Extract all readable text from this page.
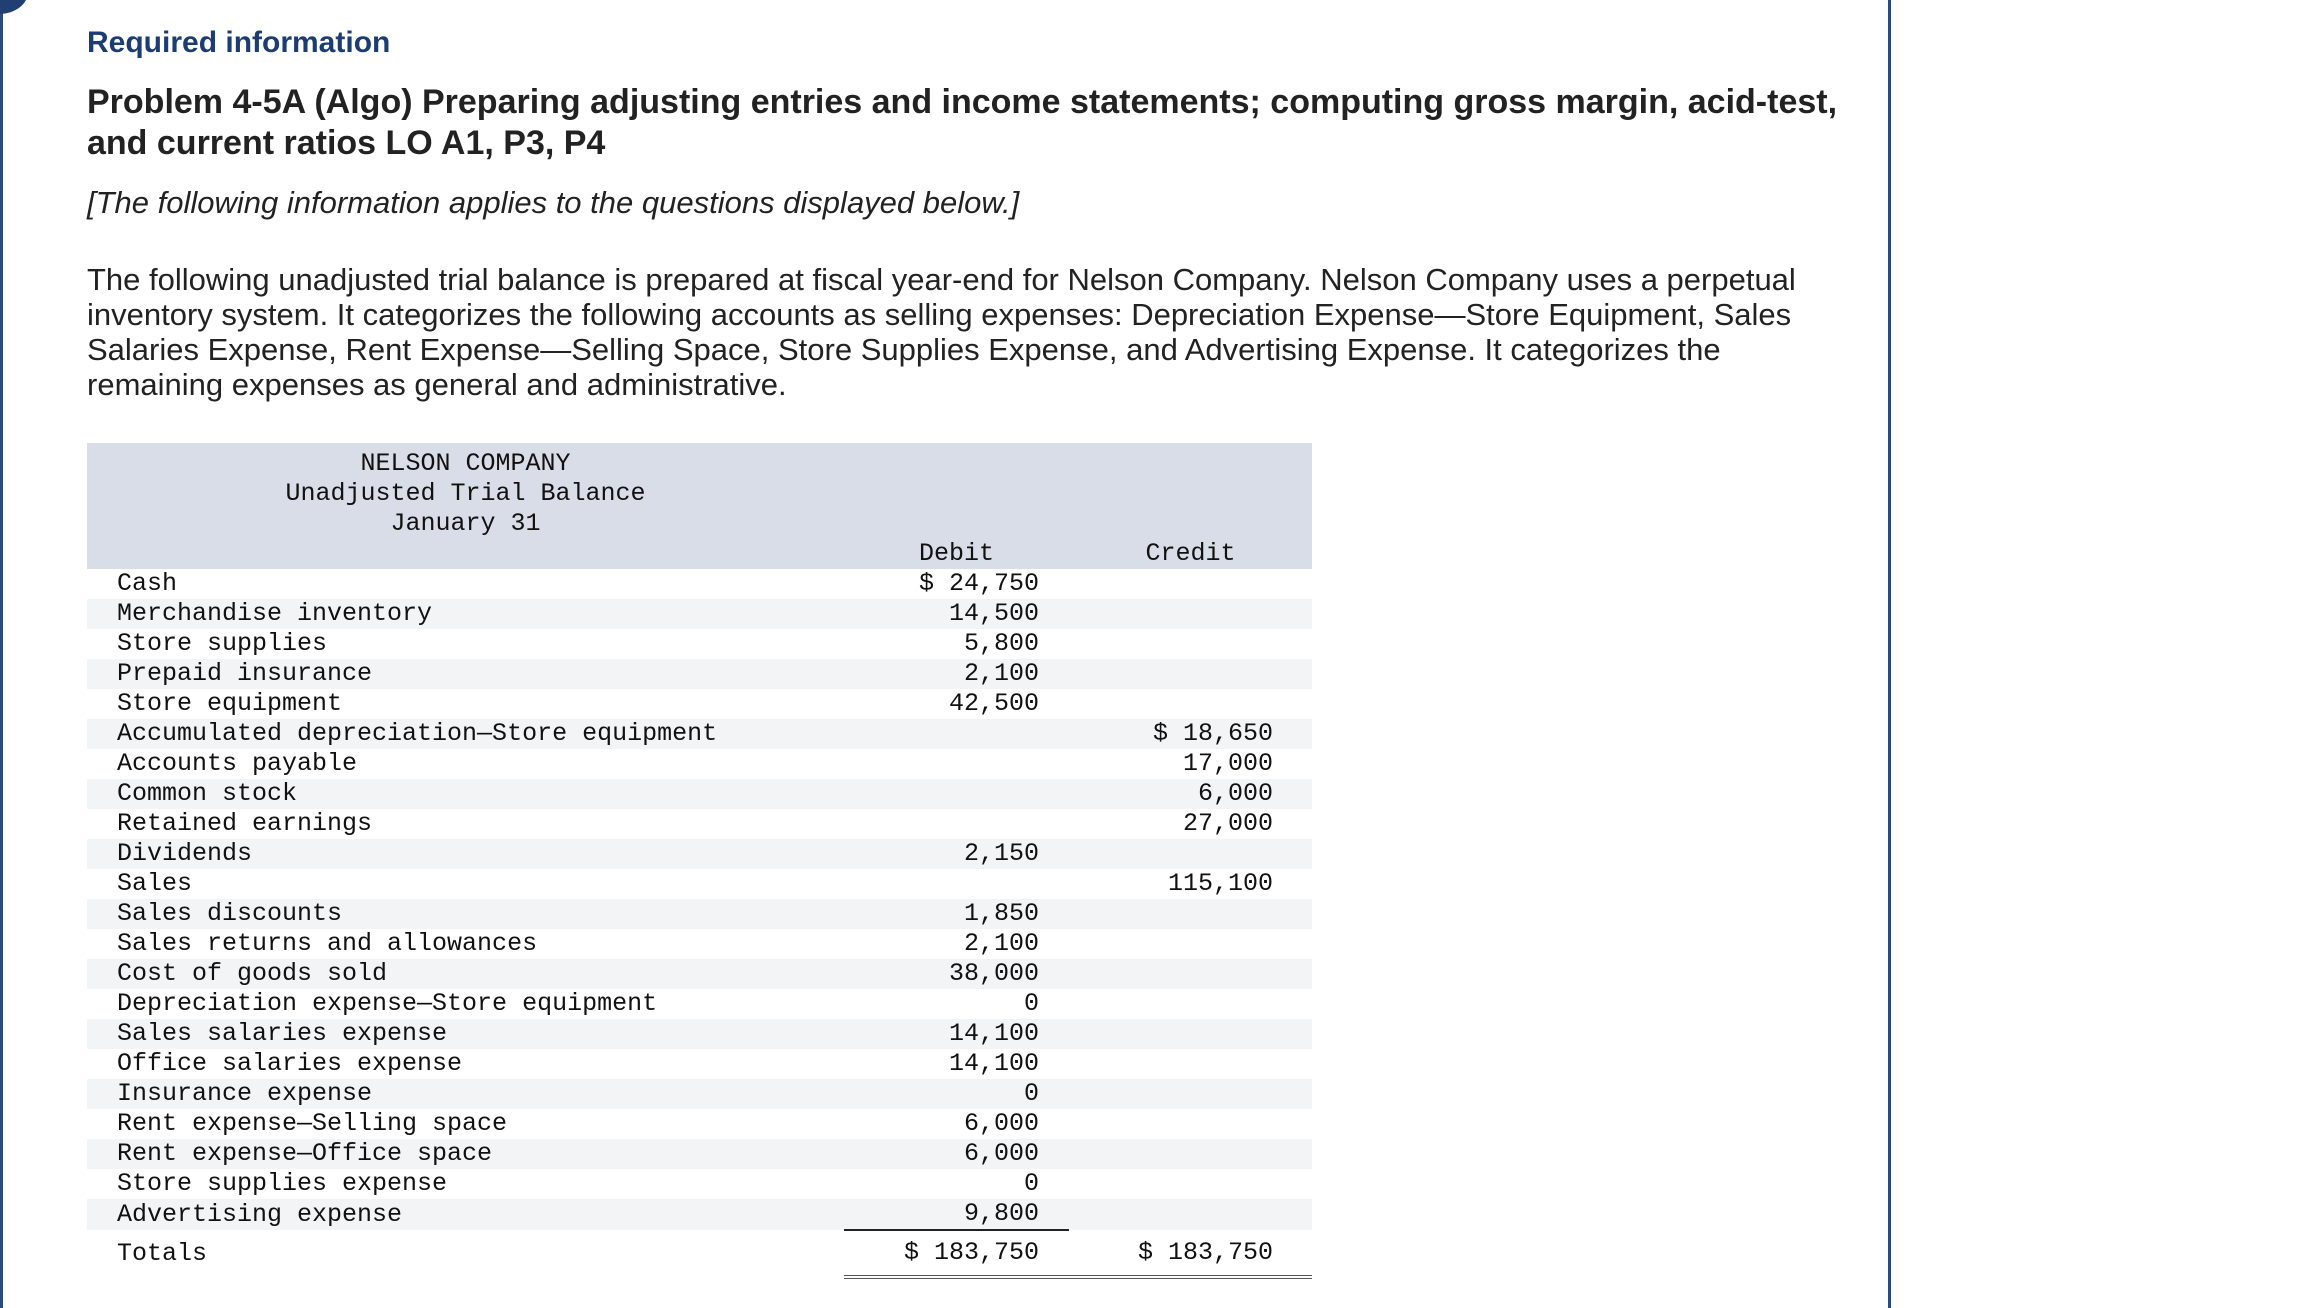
Required information
Problem 4-5A (Algo) Preparing adjusting entries and income statements; computing gross margin, acid-test, and current ratios LO A1, P3, P4
[The following information applies to the questions displayed below.]
The following unadjusted trial balance is prepared at fiscal year-end for Nelson Company. Nelson Company uses a perpetual inventory system. It categorizes the following accounts as selling expenses: Depreciation Expense—Store Equipment, Sales Salaries Expense, Rent Expense—Selling Space, Store Supplies Expense, and Advertising Expense. It categorizes the remaining expenses as general and administrative.
NELSON COMPANY		
Unadjusted Trial Balance		
January 31		
	Debit	Credit
Cash	$ 24,750	
Merchandise inventory	14,500	
Store supplies	5,800	
Prepaid insurance	2,100	
Store equipment	42,500	
Accumulated depreciation—Store equipment		$ 18,650
Accounts payable		17,000
Common stock		6,000
Retained earnings		27,000
Dividends	2,150	
Sales		115,100
Sales discounts	1,850	
Sales returns and allowances	2,100	
Cost of goods sold	38,000	
Depreciation expense—Store equipment	0	
Sales salaries expense	14,100	
Office salaries expense	14,100	
Insurance expense	0	
Rent expense—Selling space	6,000	
Rent expense—Office space	6,000	
Store supplies expense	0	
Advertising expense	9,800	
Totals	$ 183,750	$ 183,750
